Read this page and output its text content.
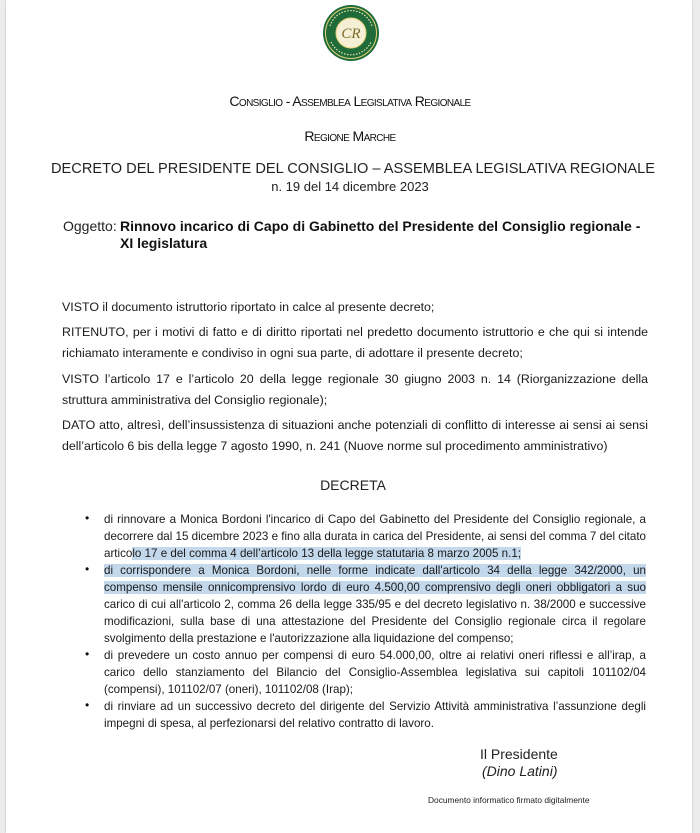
CR
Consiglio - Assemblea Legislativa Regionale
Regione Marche
DECRETO DEL PRESIDENTE DEL CONSIGLIO – ASSEMBLEA LEGISLATIVA REGIONALE
n. 19 del 14 dicembre 2023
Oggetto: Rinnovo incarico di Capo di Gabinetto del Presidente del Consiglio regionale - XI legislatura
VISTO il documento istruttorio riportato in calce al presente decreto;
RITENUTO, per i motivi di fatto e di diritto riportati nel predetto documento istruttorio e che qui si intende richiamato interamente e condiviso in ogni sua parte, di adottare il presente decreto;
VISTO l’articolo 17 e l’articolo 20 della legge regionale 30 giugno 2003 n. 14 (Riorganizzazione della struttura amministrativa del Consiglio regionale);
DATO atto, altresì, dell’insussistenza di situazioni anche potenziali di conflitto di interesse ai sensi ai sensi dell’articolo 6 bis della legge 7 agosto 1990, n. 241 (Nuove norme sul procedimento amministrativo)
DECRETA
• di rinnovare a Monica Bordoni l'incarico di Capo del Gabinetto del Presidente del Consiglio regionale, a decorrere dal 15 dicembre 2023 e fino alla durata in carica del Presidente, ai sensi del comma 7 del citato articolo 17 e del comma 4 dell’articolo 13 della legge statutaria 8 marzo 2005 n.1;
• di corrispondere a Monica Bordoni, nelle forme indicate dall'articolo 34 della legge 342/2000, un compenso mensile onnicomprensivo lordo di euro 4.500,00 comprensivo degli oneri obbligatori a suo carico di cui all'articolo 2, comma 26 della legge 335/95 e del decreto legislativo n. 38/2000 e successive modificazioni, sulla base di una attestazione del Presidente del Consiglio regionale circa il regolare svolgimento della prestazione e l'autorizzazione alla liquidazione del compenso;
• di prevedere un costo annuo per compensi di euro 54.000,00, oltre ai relativi oneri riflessi e all’irap, a carico dello stanziamento del Bilancio del Consiglio-Assemblea legislativa sui capitoli 101102/04 (compensi), 101102/07 (oneri), 101102/08 (Irap);
• di rinviare ad un successivo decreto del dirigente del Servizio Attività amministrativa l’assunzione degli impegni di spesa, al perfezionarsi del relativo contratto di lavoro.
Il Presidente
(Dino Latini)
Documento informatico firmato digitalmente
